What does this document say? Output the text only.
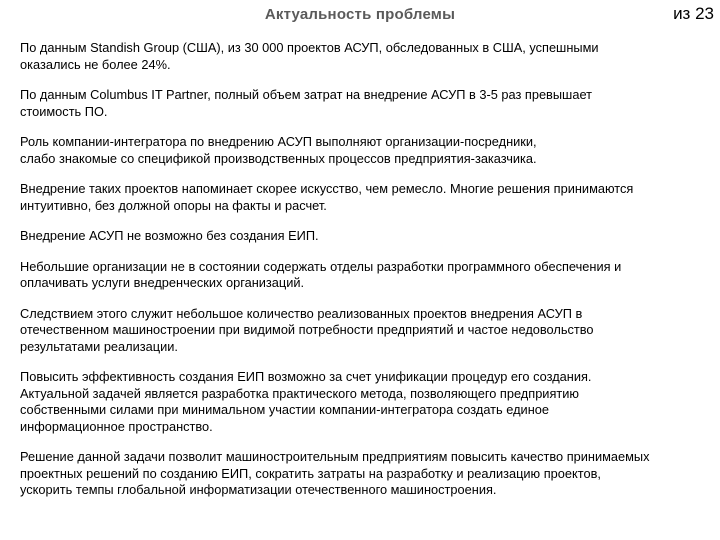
Актуальность проблемы	из 23

По данным Standish Group (США), из 30 000 проектов АСУП, обследованных в США, успешными
оказались не более 24%.

По данным Columbus IT Partner, полный объем затрат на внедрение АСУП в 3-5 раз превышает
стоимость ПО.

Роль компании-интегратора по внедрению АСУП выполняют организации-посредники,
слабо знакомые со спецификой производственных процессов предприятия-заказчика.

Внедрение таких проектов напоминает скорее искусство, чем ремесло. Многие решения принимаются
интуитивно, без должной опоры на факты и расчет.

Внедрение АСУП не возможно без создания ЕИП.

Небольшие организации не в состоянии содержать отделы разработки программного обеспечения и
оплачивать услуги внедренческих организаций.

Следствием этого служит небольшое количество реализованных проектов внедрения АСУП в
отечественном машиностроении при видимой потребности предприятий и частое недовольство
результатами реализации.

Повысить эффективность создания ЕИП возможно за счет унификации процедур его создания.
Актуальной задачей является разработка практического метода, позволяющего предприятию
собственными силами при минимальном участии компании-интегратора создать единое
информационное пространство.

Решение данной задачи позволит машиностроительным предприятиям повысить качество принимаемых
проектных решений по созданию ЕИП, сократить затраты на разработку и реализацию проектов,
ускорить темпы глобальной информатизации отечественного машиностроения.
